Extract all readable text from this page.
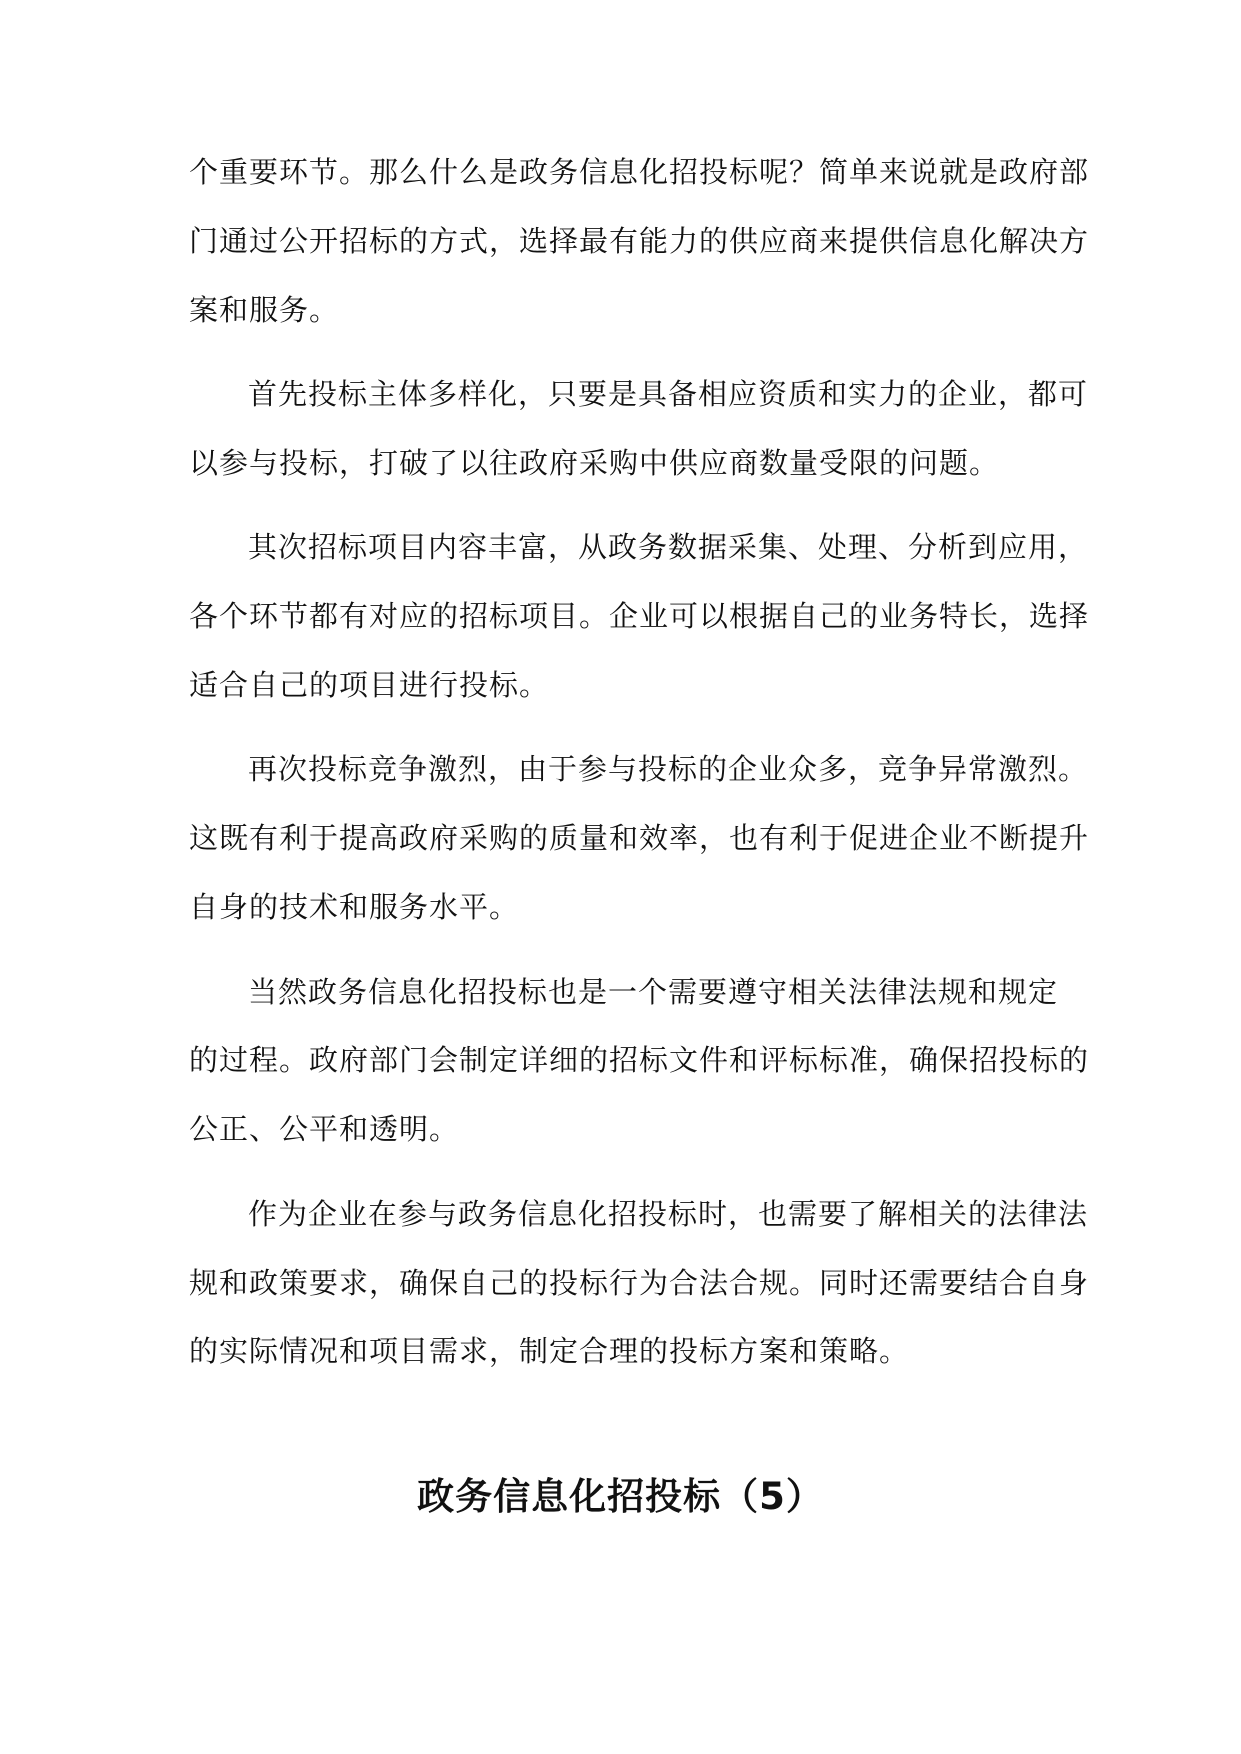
个重要环节。那么什么是政务信息化招投标呢？简单来说就是政府部
门通过公开招标的方式，选择最有能力的供应商来提供信息化解决方
案和服务。
首先投标主体多样化，只要是具备相应资质和实力的企业，都可
以参与投标，打破了以往政府采购中供应商数量受限的问题。
其次招标项目内容丰富，从政务数据采集、处理、分析到应用，
各个环节都有对应的招标项目。企业可以根据自己的业务特长，选择
适合自己的项目进行投标。
再次投标竞争激烈，由于参与投标的企业众多，竞争异常激烈。
这既有利于提高政府采购的质量和效率，也有利于促进企业不断提升
自身的技术和服务水平。
当然政务信息化招投标也是一个需要遵守相关法律法规和规定
的过程。政府部门会制定详细的招标文件和评标标准，确保招投标的
公正、公平和透明。
作为企业在参与政务信息化招投标时，也需要了解相关的法律法
规和政策要求，确保自己的投标行为合法合规。同时还需要结合自身
的实际情况和项目需求，制定合理的投标方案和策略。
政务信息化招投标（5）
